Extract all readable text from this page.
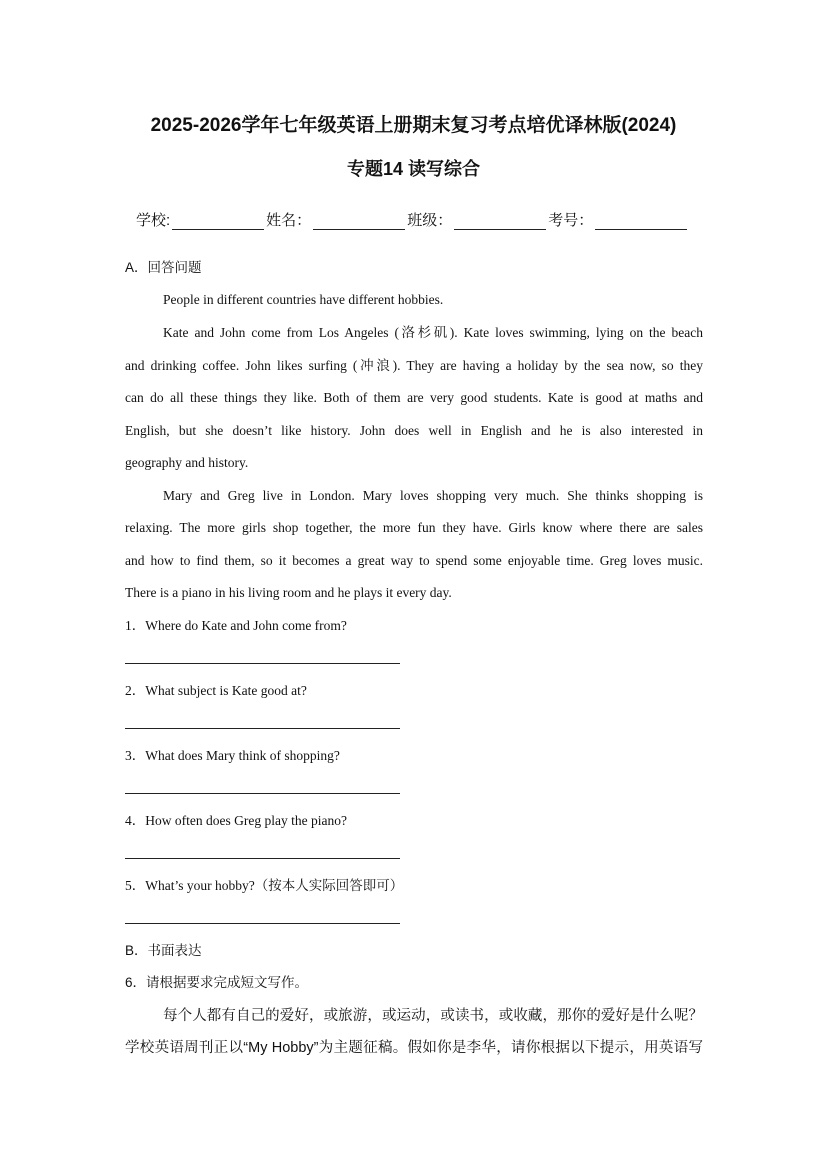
2025-2026学年七年级英语上册期末复习考点培优译林版(2024)
专题14 读写综合
学校:	姓名：	班级：	考号：
A．回答问题
People in different countries have different hobbies.
Kate and John come from Los Angeles (洛杉矶). Kate loves swimming, lying on the beach
and drinking coffee. John likes surfing (冲浪). They are having a holiday by the sea now, so they
can do all these things they like. Both of them are very good students. Kate is good at maths and
English, but she doesn’t like history. John does well in English and he is also interested in
geography and history.
Mary and Greg live in London. Mary loves shopping very much. She thinks shopping is
relaxing. The more girls shop together, the more fun they have. Girls know where there are sales
and how to find them, so it becomes a great way to spend some enjoyable time. Greg loves music.
There is a piano in his living room and he plays it every day.
1．Where do Kate and John come from?
2．What subject is Kate good at?
3．What does Mary think of shopping?
4．How often does Greg play the piano?
5．What’s your hobby?（按本人实际回答即可）
B．书面表达
6．请根据要求完成短文写作。
每个人都有自己的爱好，或旅游，或运动，或读书，或收藏，那你的爱好是什么呢？
学校英语周刊正以“My Hobby”为主题征稿。假如你是李华，请你根据以下提示，用英语写
